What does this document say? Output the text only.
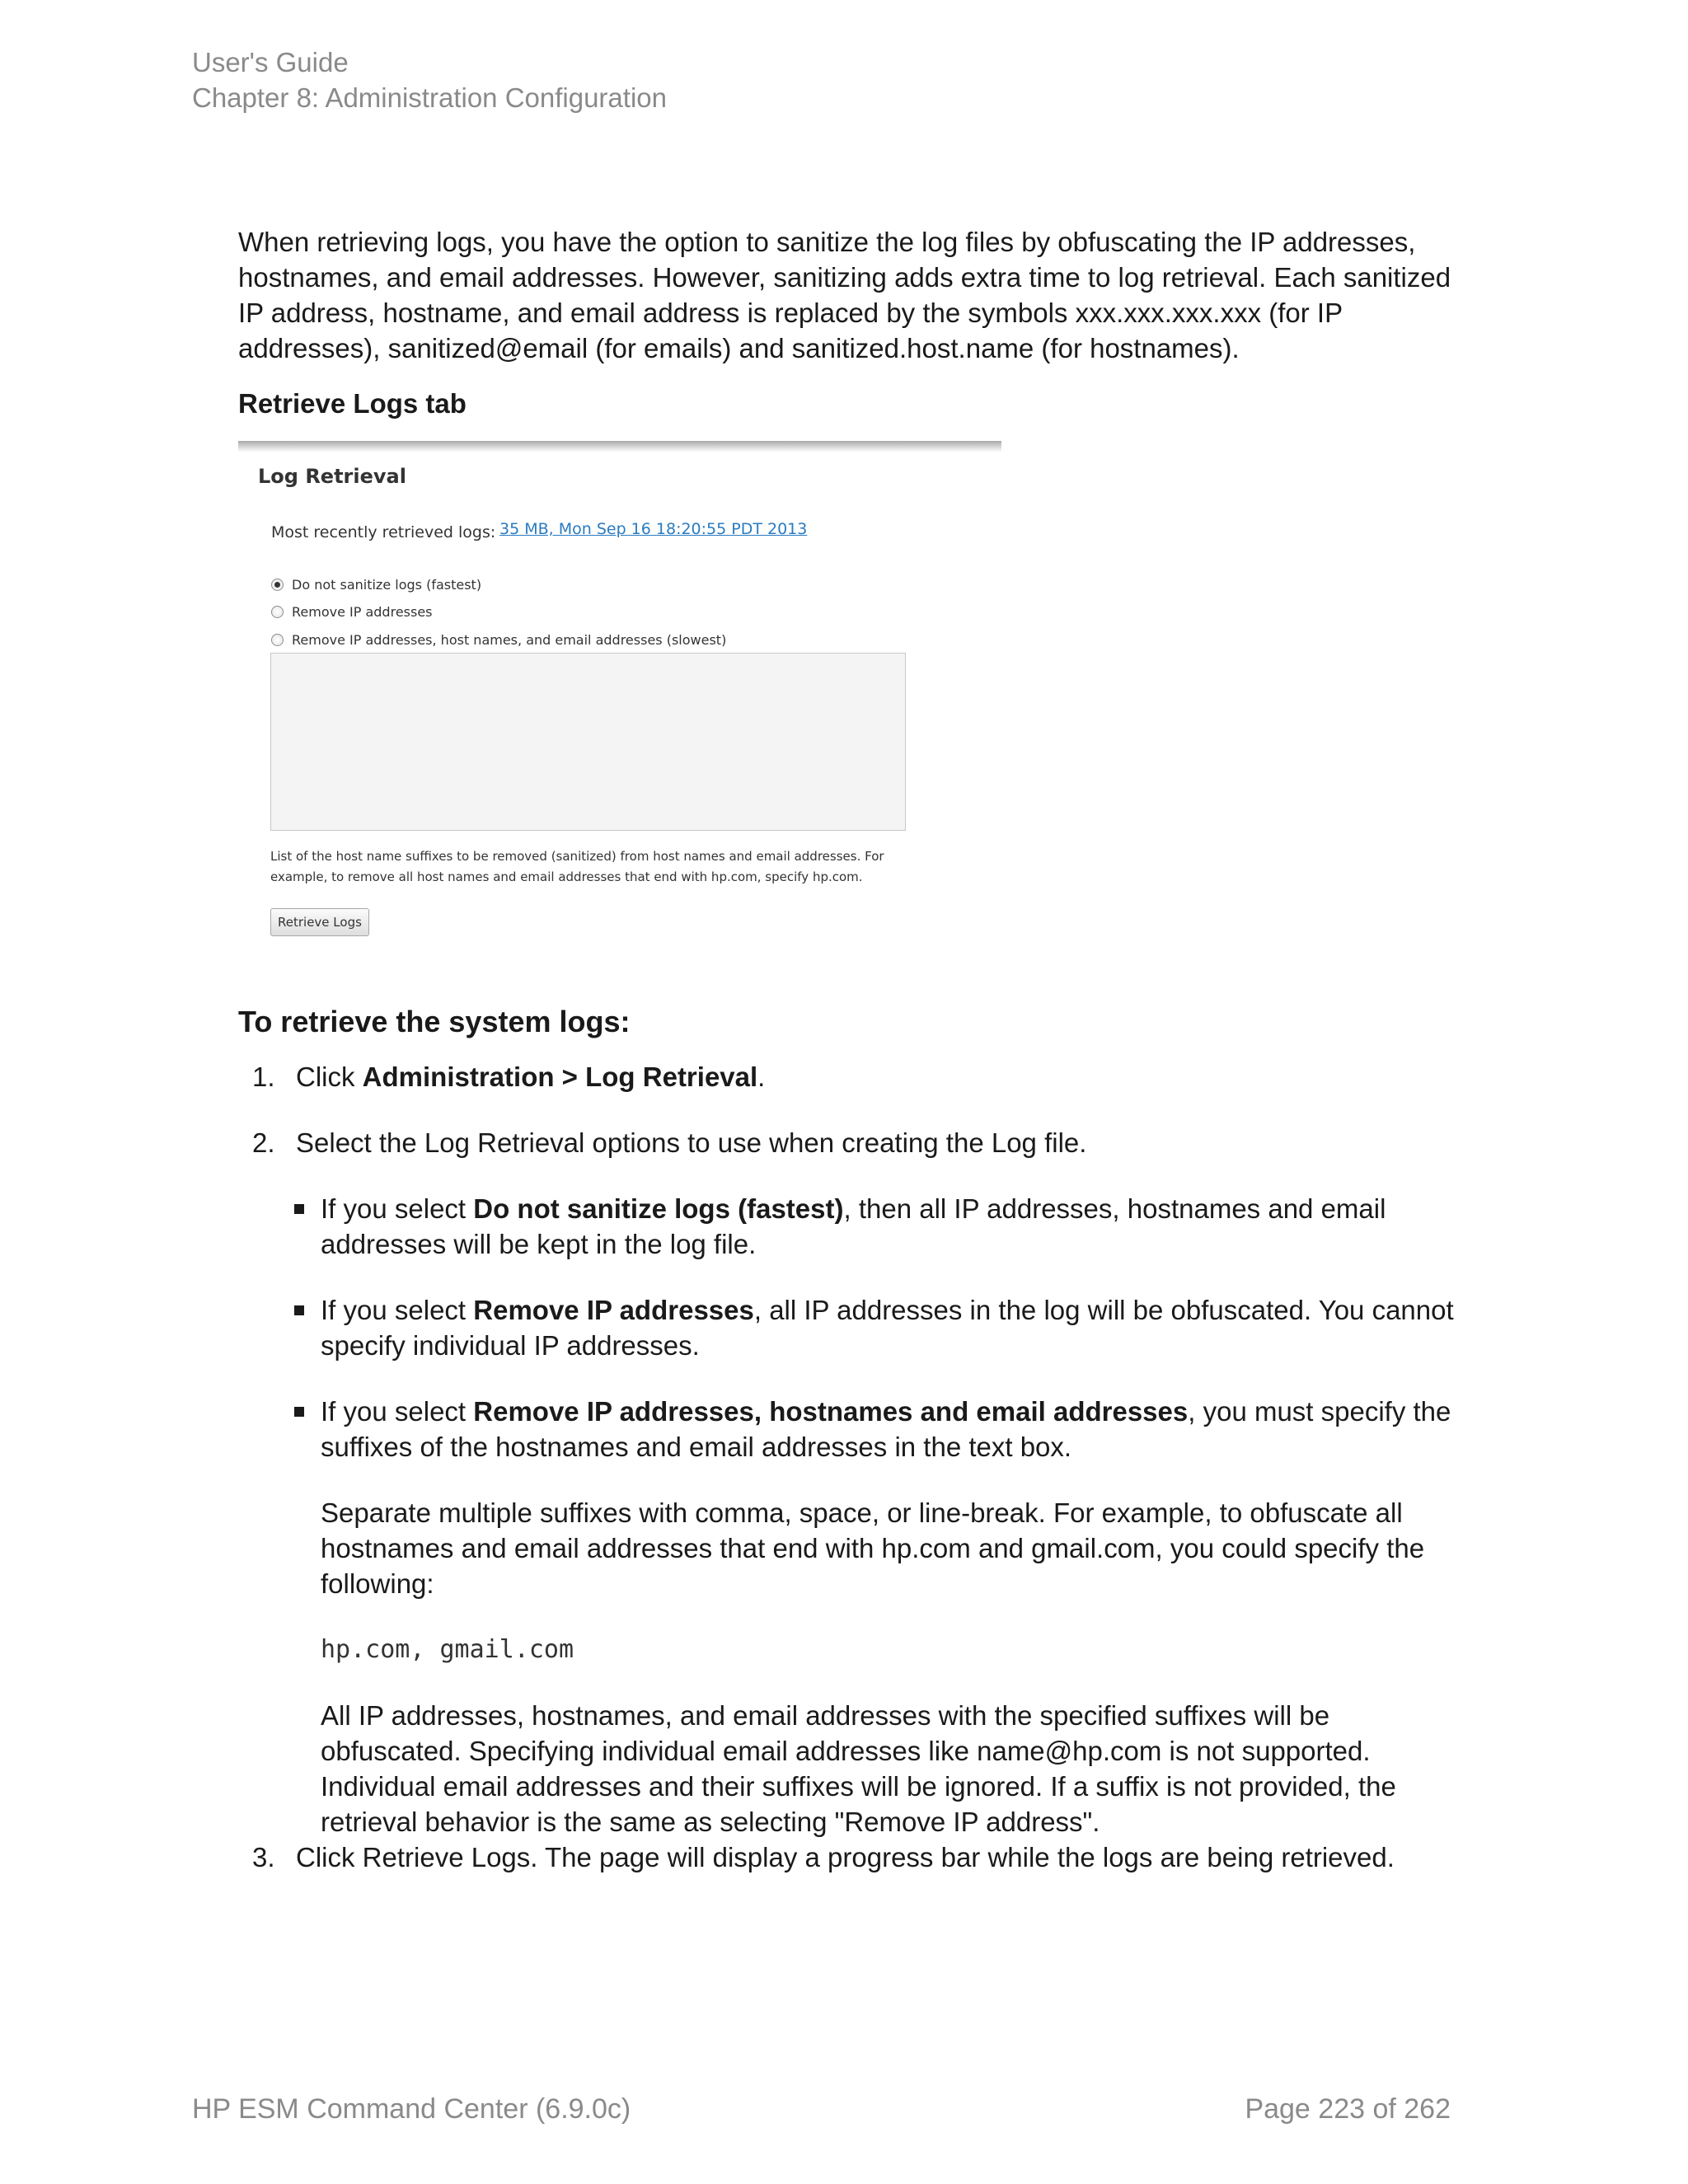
User's Guide
Chapter 8: Administration Configuration

When retrieving logs, you have the option to sanitize the log files by obfuscating the IP addresses, hostnames, and email addresses. However, sanitizing adds extra time to log retrieval. Each sanitized IP address, hostname, and email address is replaced by the symbols xxx.xxx.xxx.xxx (for IP addresses), sanitized@email (for emails) and sanitized.host.name (for hostnames).

Retrieve Logs tab

Log Retrieval
Most recently retrieved logs: 35 MB, Mon Sep 16 18:20:55 PDT 2013
Do not sanitize logs (fastest)
Remove IP addresses
Remove IP addresses, host names, and email addresses (slowest)
List of the host name suffixes to be removed (sanitized) from host names and email addresses. For example, to remove all host names and email addresses that end with hp.com, specify hp.com.
Retrieve Logs
To retrieve the system logs:
1. Click Administration > Log Retrieval.

2. Select the Log Retrieval options to use when creating the Log file.

If you select Do not sanitize logs (fastest), then all IP addresses, hostnames and email addresses will be kept in the log file.

If you select Remove IP addresses, all IP addresses in the log will be obfuscated. You cannot specify individual IP addresses.

If you select Remove IP addresses, hostnames and email addresses, you must specify the suffixes of the hostnames and email addresses in the text box.

Separate multiple suffixes with comma, space, or line-break. For example, to obfuscate all hostnames and email addresses that end with hp.com and gmail.com, you could specify the following:

hp.com, gmail.com

All IP addresses, hostnames, and email addresses with the specified suffixes will be obfuscated. Specifying individual email addresses like name@hp.com is not supported. Individual email addresses and their suffixes will be ignored. If a suffix is not provided, the retrieval behavior is the same as selecting "Remove IP address".

3. Click Retrieve Logs. The page will display a progress bar while the logs are being retrieved.

HP ESM Command Center (6.9.0c)	Page 223 of 262
